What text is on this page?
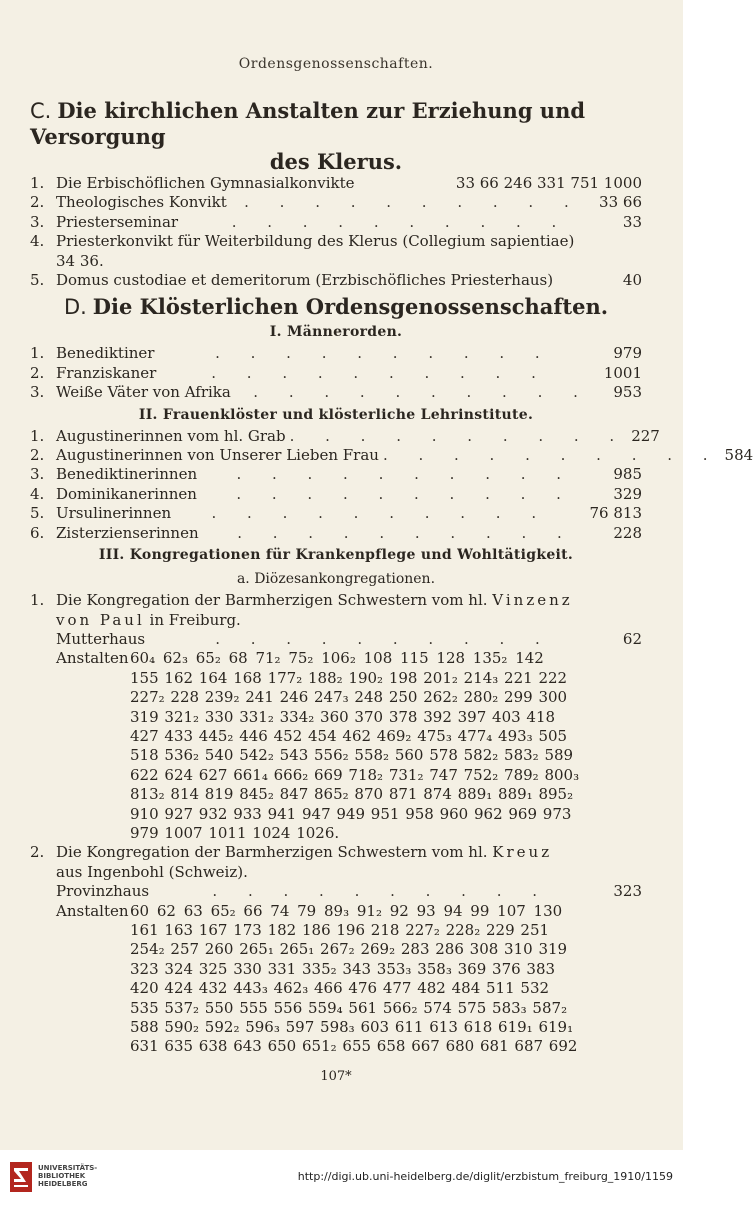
Ordensgenossenschaften.
C. Die kirchlichen Anstalten zur Erziehung und Versorgung
des Klerus.
1. Die Erbischöflichen Gymnasialkonvikte	33 66 246 331 751 1000
2. Theologisches Konvikt	. . . . . . . . . .	33 66
3. Priesterseminar	. . . . . . . . . .	33
4. Priesterkonvikt für Weiterbildung des Klerus (Collegium sapientiae)
34 36.
5. Domus custodiae et demeritorum (Erzbischöfliches Priesterhaus)	40
D. Die Klösterlichen Ordensgenossenschaften.
I. Männerorden.
1. Benediktiner	. . . . . . . . . .	979
2. Franziskaner	. . . . . . . . . .	1001
3. Weiße Väter von Afrika	. . . . . . . . . .	953
II. Frauenklöster und klösterliche Lehrinstitute.
1. Augustinerinnen vom hl. Grab . . . . . . . . . . 227
2. Augustinerinnen von Unserer Lieben Frau . . . . . . . . . . 584
3. Benediktinerinnen	. . . . . . . . . .	985
4. Dominikanerinnen	. . . . . . . . . .	329
5. Ursulinerinnen	. . . . . . . . . .	76 813
6. Zisterzienserinnen	. . . . . . . . . .	228
III. Kongregationen für Krankenpflege und Wohltätigkeit.
a. Diözesankongregationen.
1. Die Kongregation der Barmherzigen Schwestern vom hl. Vinzenz
von Paul in Freiburg.
Mutterhaus	. . . . . . . . . .	62
Anstalten 60₄ 62₃ 65₂ 68 71₂ 75₂ 106₂ 108 115 128 135₂ 142
155 162 164 168 177₂ 188₂ 190₂ 198 201₂ 214₃ 221 222
227₂ 228 239₂ 241 246 247₃ 248 250 262₂ 280₂ 299 300
319 321₂ 330 331₂ 334₂ 360 370 378 392 397 403 418
427 433 445₂ 446 452 454 462 469₂ 475₃ 477₄ 493₃ 505
518 536₂ 540 542₂ 543 556₂ 558₂ 560 578 582₂ 583₂ 589
622 624 627 661₄ 666₂ 669 718₂ 731₂ 747 752₂ 789₂ 800₃
813₂ 814 819 845₂ 847 865₂ 870 871 874 889₁ 889₁ 895₂
910 927 932 933 941 947 949 951 958 960 962 969 973
979 1007 1011 1024 1026.
2. Die Kongregation der Barmherzigen Schwestern vom hl. Kreuz
aus Ingenbohl (Schweiz).
Provinzhaus	. . . . . . . . . .	323
Anstalten 60 62 63 65₂ 66 74 79 89₃ 91₂ 92 93 94 99 107 130
161 163 167 173 182 186 196 218 227₂ 228₂ 229 251
254₂ 257 260 265₁ 265₁ 267₂ 269₂ 283 286 308 310 319
323 324 325 330 331 335₂ 343 353₃ 358₃ 369 376 383
420 424 432 443₃ 462₃ 466 476 477 482 484 511 532
535 537₂ 550 555 556 559₄ 561 566₂ 574 575 583₃ 587₂
588 590₂ 592₂ 596₃ 597 598₃ 603 611 613 618 619₁ 619₁
631 635 638 643 650 651₂ 655 658 667 680 681 687 692
107*
UNIVERSITÄTS-
BIBLIOTHEK
HEIDELBERG
http://digi.ub.uni-heidelberg.de/diglit/erzbistum_freiburg_1910/1159
